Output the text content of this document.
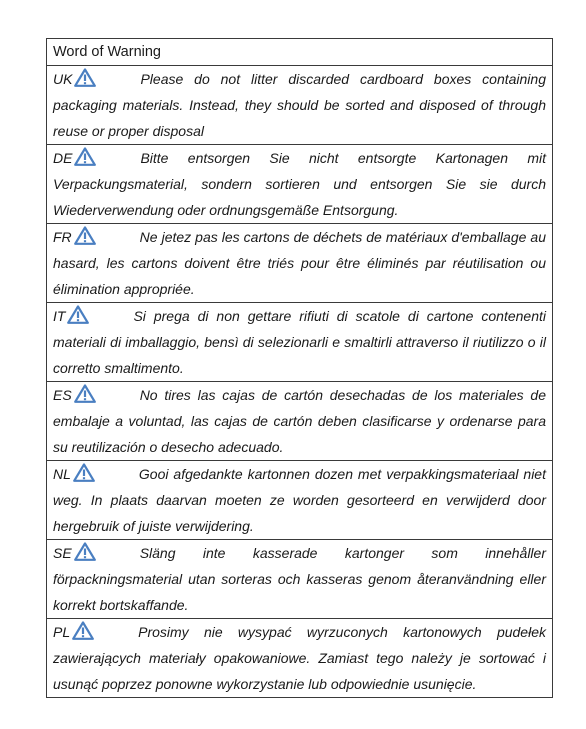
Word of Warning

UK	Please do not litter discarded cardboard boxes containing packaging materials. Instead, they should be sorted and disposed of through reuse or proper disposal

DE	Bitte entsorgen Sie nicht entsorgte Kartonagen mit Verpackungsmaterial, sondern sortieren und entsorgen Sie sie durch Wiederverwendung oder ordnungsgemäße Entsorgung.

FR	Ne jetez pas les cartons de déchets de matériaux d'emballage au hasard, les cartons doivent être triés pour être éliminés par réutilisation ou élimination appropriée.

IT	Si prega di non gettare rifiuti di scatole di cartone contenenti materiali di imballaggio, bensì di selezionarli e smaltirli attraverso il riutilizzo o il corretto smaltimento.

ES	No tires las cajas de cartón desechadas de los materiales de embalaje a voluntad, las cajas de cartón deben clasificarse y ordenarse para su reutilización o desecho adecuado.

NL	Gooi afgedankte kartonnen dozen met verpakkingsmateriaal niet weg. In plaats daarvan moeten ze worden gesorteerd en verwijderd door hergebruik of juiste verwijdering.

SE	Släng inte kasserade kartonger som innehåller förpackningsmaterial utan sorteras och kasseras genom återanvändning eller korrekt bortskaffande.

PL	Prosimy nie wysypać wyrzuconych kartonowych pudełek zawierających materiały opakowaniowe. Zamiast tego należy je sortować i usunąć poprzez ponowne wykorzystanie lub odpowiednie usunięcie.
